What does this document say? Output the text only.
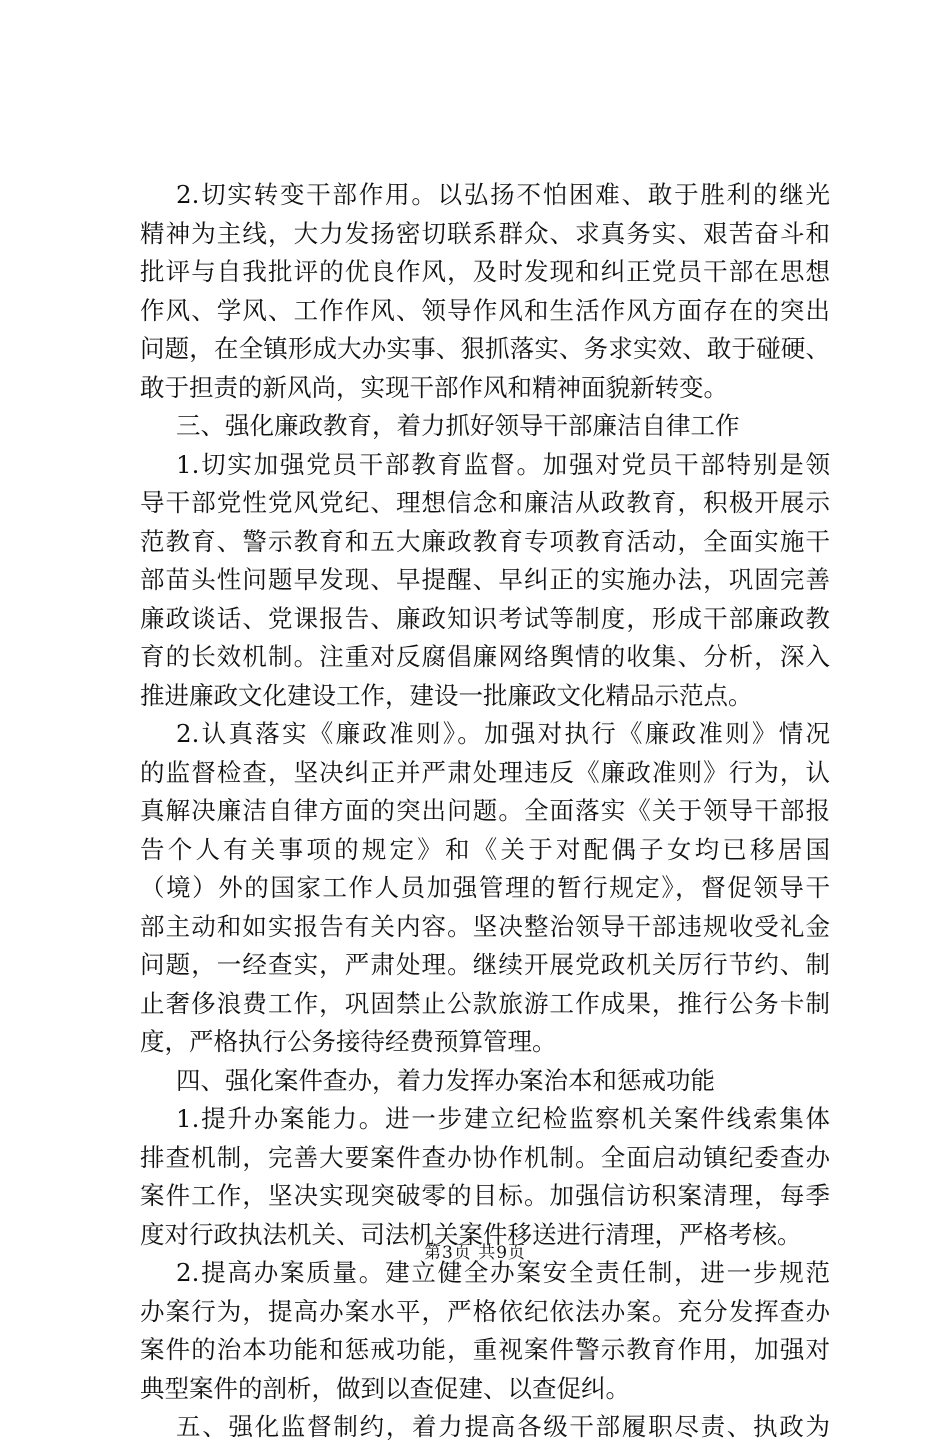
2.切实转变干部作用。以弘扬不怕困难、敢于胜利的继光
精神为主线，大力发扬密切联系群众、求真务实、艰苦奋斗和
批评与自我批评的优良作风，及时发现和纠正党员干部在思想
作风、学风、工作作风、领导作风和生活作风方面存在的突出
问题，在全镇形成大办实事、狠抓落实、务求实效、敢于碰硬、
敢于担责的新风尚，实现干部作风和精神面貌新转变。
三、强化廉政教育，着力抓好领导干部廉洁自律工作
1.切实加强党员干部教育监督。加强对党员干部特别是领
导干部党性党风党纪、理想信念和廉洁从政教育，积极开展示
范教育、警示教育和五大廉政教育专项教育活动，全面实施干
部苗头性问题早发现、早提醒、早纠正的实施办法，巩固完善
廉政谈话、党课报告、廉政知识考试等制度，形成干部廉政教
育的长效机制。注重对反腐倡廉网络舆情的收集、分析，深入
推进廉政文化建设工作，建设一批廉政文化精品示范点。
2.认真落实《廉政准则》。加强对执行《廉政准则》情况
的监督检查，坚决纠正并严肃处理违反《廉政准则》行为，认
真解决廉洁自律方面的突出问题。全面落实《关于领导干部报
告个人有关事项的规定》和《关于对配偶子女均已移居国
（境）外的国家工作人员加强管理的暂行规定》，督促领导干
部主动和如实报告有关内容。坚决整治领导干部违规收受礼金
问题，一经查实，严肃处理。继续开展党政机关厉行节约、制
止奢侈浪费工作，巩固禁止公款旅游工作成果，推行公务卡制
度，严格执行公务接待经费预算管理。
四、强化案件查办，着力发挥办案治本和惩戒功能
1.提升办案能力。进一步建立纪检监察机关案件线索集体
排查机制，完善大要案件查办协作机制。全面启动镇纪委查办
案件工作，坚决实现突破零的目标。加强信访积案清理，每季
度对行政执法机关、司法机关案件移送进行清理，严格考核。
2.提高办案质量。建立健全办案安全责任制，进一步规范
办案行为，提高办案水平，严格依纪依法办案。充分发挥查办
案件的治本功能和惩戒功能，重视案件警示教育作用，加强对
典型案件的剖析，做到以查促建、以查促纠。
五、强化监督制约，着力提高各级干部履职尽责、执政为
第3页 共9页
